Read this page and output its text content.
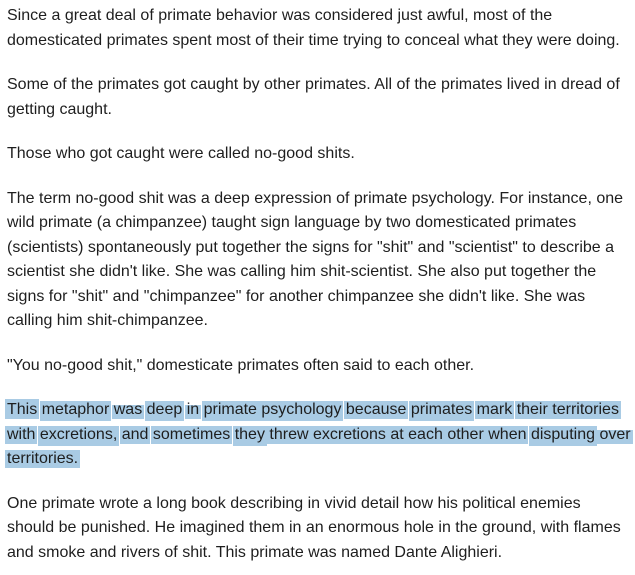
Since a great deal of primate behavior was considered just awful, most of the
domesticated primates spent most of their time trying to conceal what they were doing.

Some of the primates got caught by other primates. All of the primates lived in dread of
getting caught.

Those who got caught were called no-good shits.

The term no-good shit was a deep expression of primate psychology. For instance, one
wild primate (a chimpanzee) taught sign language by two domesticated primates
(scientists) spontaneously put together the signs for "shit" and "scientist" to describe a
scientist she didn't like. She was calling him shit-scientist. She also put together the
signs for "shit" and "chimpanzee" for another chimpanzee she didn't like. She was
calling him shit-chimpanzee.

"You no-good shit," domesticate primates often said to each other.

This metaphor was deep in primate psychology because primates mark their territories
with excretions, and sometimes they threw excretions at each other when disputing over
territories.

One primate wrote a long book describing in vivid detail how his political enemies
should be punished. He imagined them in an enormous hole in the ground, with flames
and smoke and rivers of shit. This primate was named Dante Alighieri.
